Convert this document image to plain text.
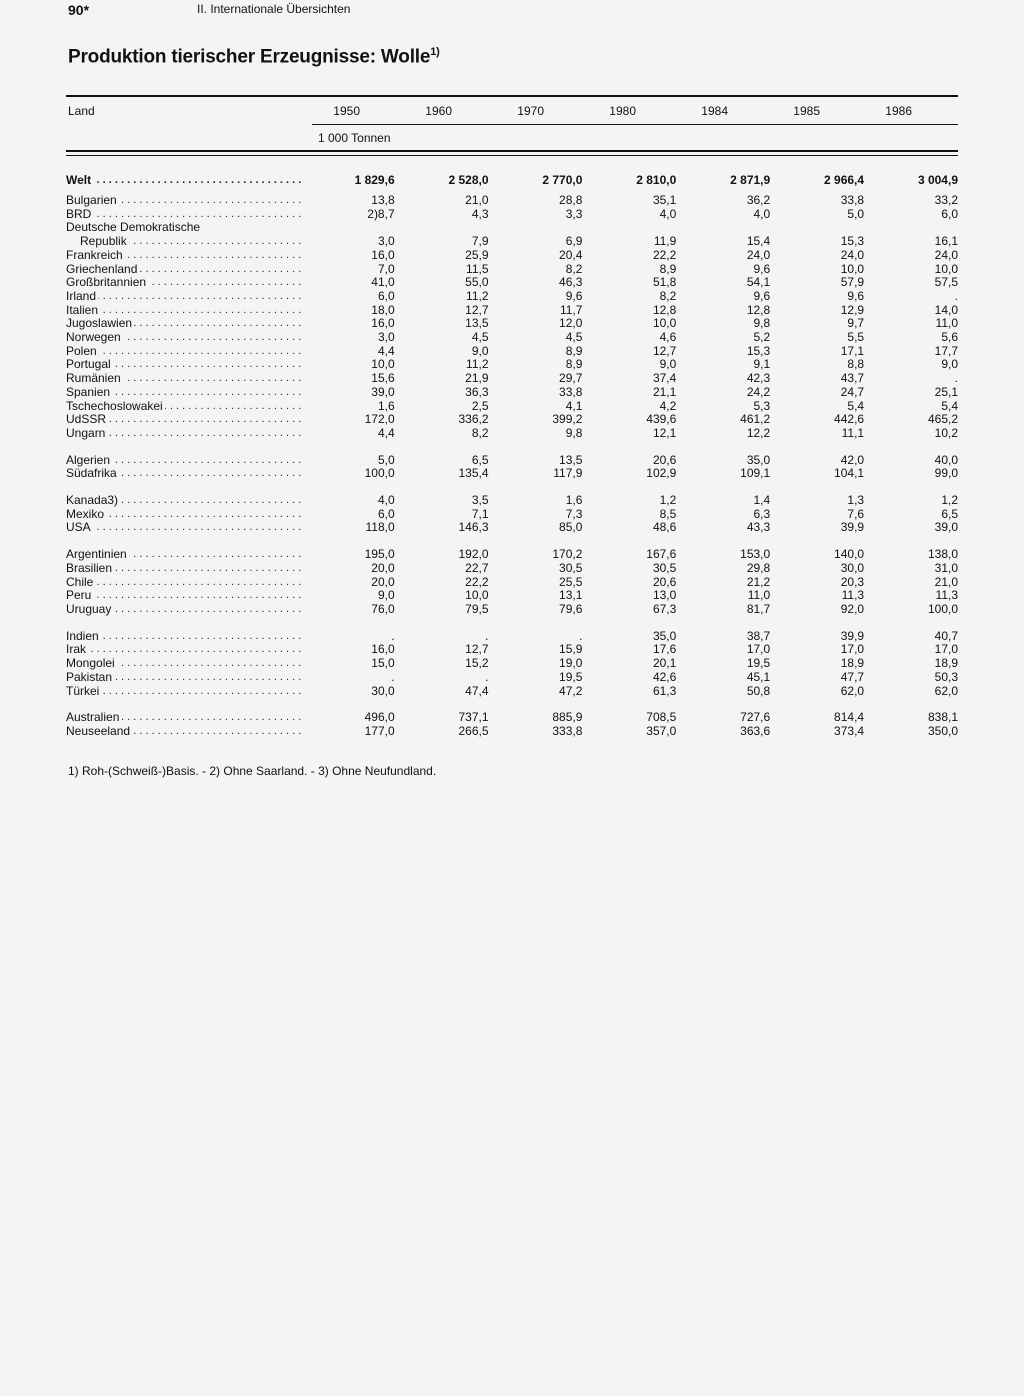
90*	II. Internationale Übersichten
Produktion tierischer Erzeugnisse: Wolle$^{1)}$
Land	1950	1960	1970	1980	1984	1985	1986
1 000 Tonnen
Welt . . .	1 829,6	2 528,0	2 770,0	2 810,0	2 871,9	2 966,4	3 004,9
Bulgarien . . .	13,8	21,0	28,8	35,1	36,2	33,8	33,2
BRD . . .	2)8,7	4,3	3,3	4,0	4,0	5,0	6,0
Deutsche Demokratische							
Republik . . .	3,0	7,9	6,9	11,9	15,4	15,3	16,1
Frankreich . . .	16,0	25,9	20,4	22,2	24,0	24,0	24,0
Griechenland . . .	7,0	11,5	8,2	8,9	9,6	10,0	10,0
Großbritannien . . .	41,0	55,0	46,3	51,8	54,1	57,9	57,5
Irland . . .	6,0	11,2	9,6	8,2	9,6	9,6	.
Italien . . .	18,0	12,7	11,7	12,8	12,8	12,9	14,0
Jugoslawien . . .	16,0	13,5	12,0	10,0	9,8	9,7	11,0
Norwegen . . .	3,0	4,5	4,5	4,6	5,2	5,5	5,6
Polen . . .	4,4	9,0	8,9	12,7	15,3	17,1	17,7
Portugal . . .	10,0	11,2	8,9	9,0	9,1	8,8	9,0
Rumänien . . .	15,6	21,9	29,7	37,4	42,3	43,7	.
Spanien . . .	39,0	36,3	33,8	21,1	24,2	24,7	25,1
Tschechoslowakei . . .	1,6	2,5	4,1	4,2	5,3	5,4	5,4
UdSSR . . .	172,0	336,2	399,2	439,6	461,2	442,6	465,2
Ungarn . . .	4,4	8,2	9,8	12,1	12,2	11,1	10,2

Algerien . . .	5,0	6,5	13,5	20,6	35,0	42,0	40,0
Südafrika . . .	100,0	135,4	117,9	102,9	109,1	104,1	99,0

Kanada3) . . .	4,0	3,5	1,6	1,2	1,4	1,3	1,2
Mexiko . . .	6,0	7,1	7,3	8,5	6,3	7,6	6,5
USA . . .	118,0	146,3	85,0	48,6	43,3	39,9	39,0

Argentinien . . .	195,0	192,0	170,2	167,6	153,0	140,0	138,0
Brasilien . . .	20,0	22,7	30,5	30,5	29,8	30,0	31,0
Chile . . .	20,0	22,2	25,5	20,6	21,2	20,3	21,0
Peru . . .	9,0	10,0	13,1	13,0	11,0	11,3	11,3
Uruguay . . .	76,0	79,5	79,6	67,3	81,7	92,0	100,0

Indien . . .	.	.	.	35,0	38,7	39,9	40,7
Irak . . .	16,0	12,7	15,9	17,6	17,0	17,0	17,0
Mongolei . . .	15,0	15,2	19,0	20,1	19,5	18,9	18,9
Pakistan . . .	.	.	19,5	42,6	45,1	47,7	50,3
Türkei . . .	30,0	47,4	47,2	61,3	50,8	62,0	62,0

Australien . . .	496,0	737,1	885,9	708,5	727,6	814,4	838,1
Neuseeland . . .	177,0	266,5	333,8	357,0	363,6	373,4	350,0
1) Roh-(Schweiß-)Basis. - 2) Ohne Saarland. - 3) Ohne Neufundland.
